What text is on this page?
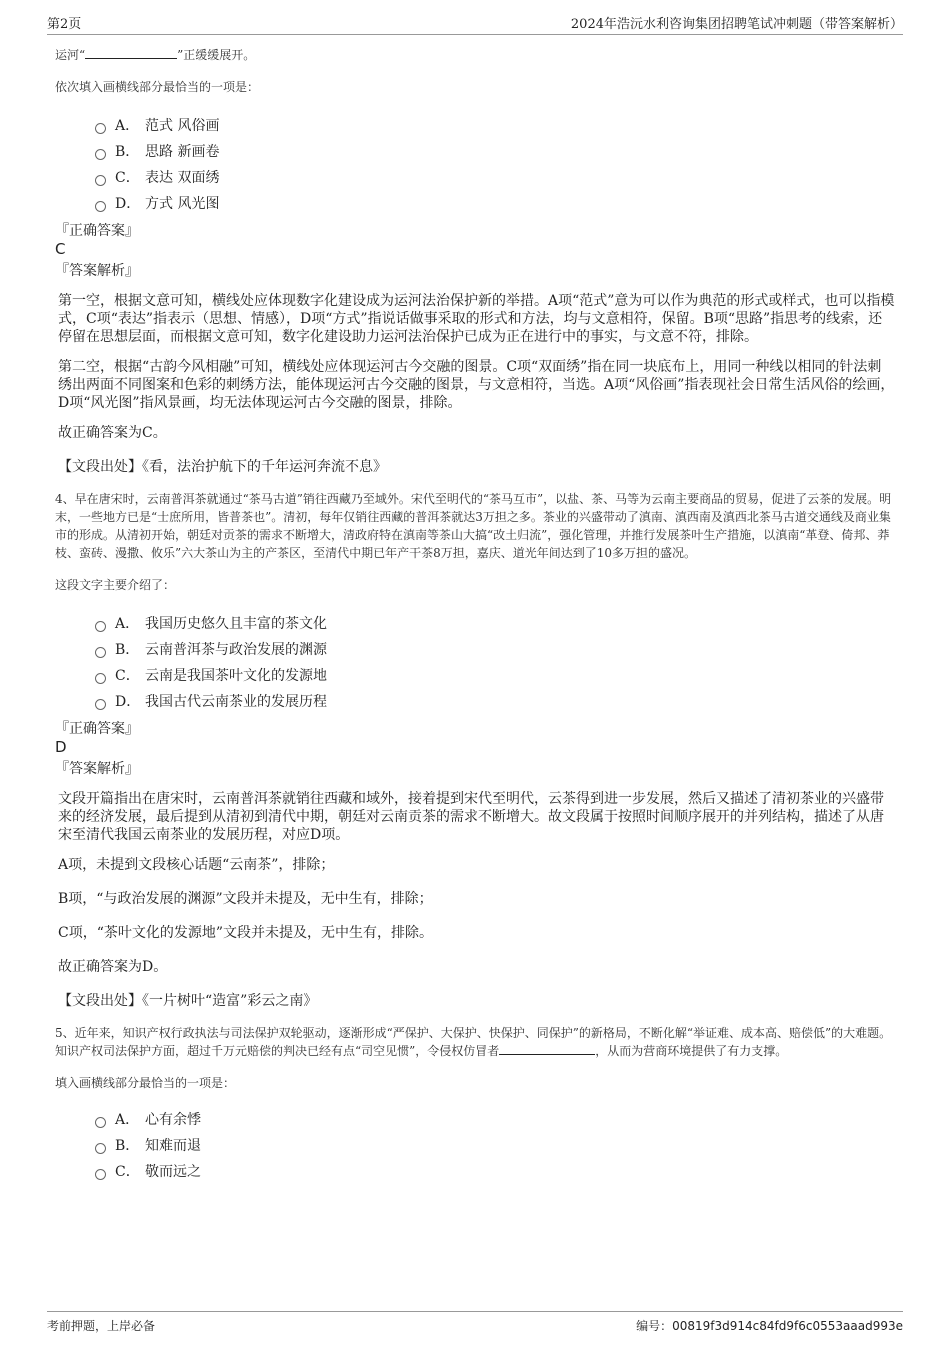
第2页	2024年浩沅水利咨询集团招聘笔试冲刺题（带答案解析）

运河“	”正缓缓展开。

依次填入画横线部分最恰当的一项是：

A． 范式 风俗画
B． 思路 新画卷
C． 表达 双面绣
D． 方式 风光图

『正确答案』

C

『答案解析』

第一空，根据文意可知，横线处应体现数字化建设成为运河法治保护新的举措。A项“范式”意为可以作为典范的形式或样式，也可以指模式，C项“表达”指表示（思想、情感），D项“方式”指说话做事采取的形式和方法，均与文意相符，保留。B项“思路”指思考的线索，还停留在思想层面，而根据文意可知，数字化建设助力运河法治保护已成为正在进行中的事实，与文意不符，排除。

第二空，根据“古韵今风相融”可知，横线处应体现运河古今交融的图景。C项“双面绣”指在同一块底布上，用同一种线以相同的针法刺绣出两面不同图案和色彩的刺绣方法，能体现运河古今交融的图景，与文意相符，当选。A项“风俗画”指表现社会日常生活风俗的绘画，D项“风光图”指风景画，均无法体现运河古今交融的图景，排除。

故正确答案为C。

【文段出处】《看，法治护航下的千年运河奔流不息》

4、早在唐宋时，云南普洱茶就通过“茶马古道”销往西藏乃至域外。宋代至明代的“茶马互市”，以盐、茶、马等为云南主要商品的贸易，促进了云茶的发展。明末，一些地方已是“士庶所用，皆普茶也”。清初，每年仅销往西藏的普洱茶就达3万担之多。茶业的兴盛带动了滇南、滇西南及滇西北茶马古道交通线及商业集市的形成。从清初开始，朝廷对贡茶的需求不断增大，清政府特在滇南等茶山大搞“改土归流”，强化管理，并推行发展茶叶生产措施，以滇南“革登、倚邦、莽枝、蛮砖、漫撒、攸乐”六大茶山为主的产茶区，至清代中期已年产干茶8万担，嘉庆、道光年间达到了10多万担的盛况。

这段文字主要介绍了：

A． 我国历史悠久且丰富的茶文化
B． 云南普洱茶与政治发展的渊源
C． 云南是我国茶叶文化的发源地
D． 我国古代云南茶业的发展历程

『正确答案』

D

『答案解析』

文段开篇指出在唐宋时，云南普洱茶就销往西藏和域外，接着提到宋代至明代，云茶得到进一步发展，然后又描述了清初茶业的兴盛带来的经济发展，最后提到从清初到清代中期，朝廷对云南贡茶的需求不断增大。故文段属于按照时间顺序展开的并列结构，描述了从唐宋至清代我国云南茶业的发展历程，对应D项。

A项，未提到文段核心话题“云南茶”，排除；

B项，“与政治发展的渊源”文段并未提及，无中生有，排除；

C项，“茶叶文化的发源地”文段并未提及，无中生有，排除。

故正确答案为D。

【文段出处】《一片树叶“造富”彩云之南》

5、近年来，知识产权行政执法与司法保护双轮驱动，逐渐形成“严保护、大保护、快保护、同保护”的新格局，不断化解“举证难、成本高、赔偿低”的大难题。知识产权司法保护方面，超过千万元赔偿的判决已经有点“司空见惯”，令侵权仿冒者	，从而为营商环境提供了有力支撑。

填入画横线部分最恰当的一项是：

A． 心有余悸
B． 知难而退
C． 敬而远之
考前押题，上岸必备	编号：00819f3d914c84fd9f6c0553aaad993e
